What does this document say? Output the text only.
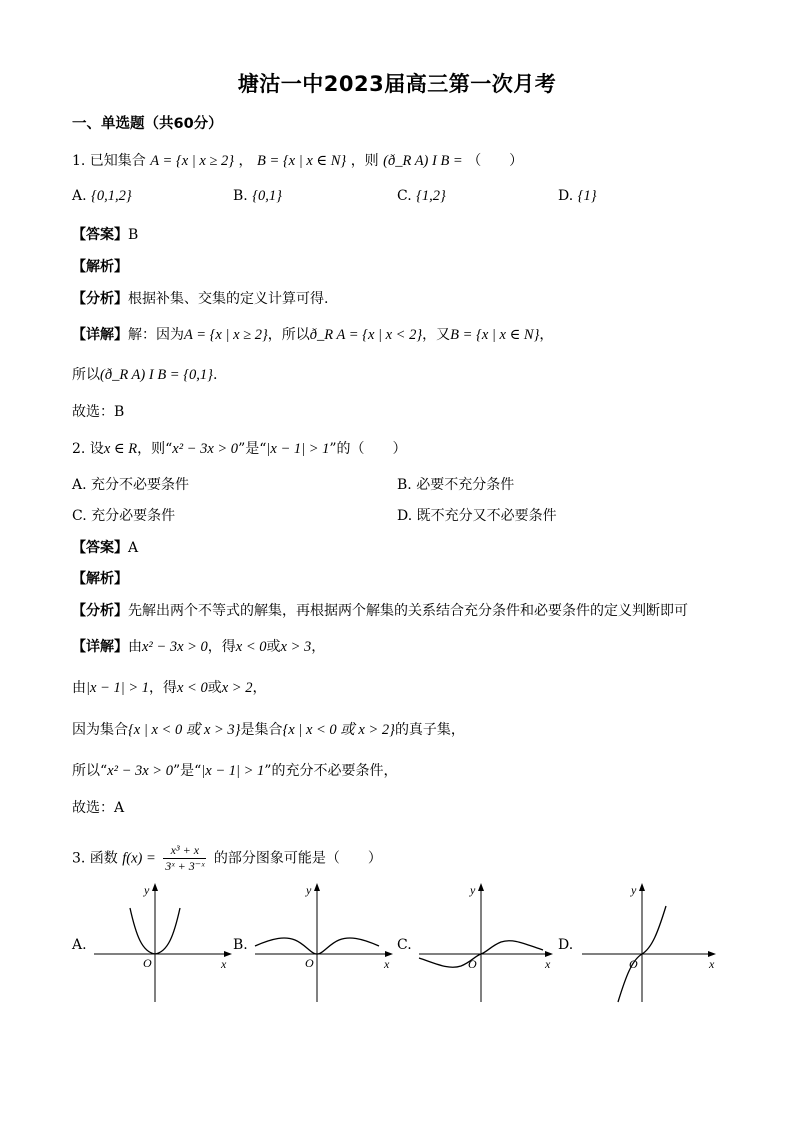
塘沽一中2023届高三第一次月考
一、单选题（共60分）
1. 已知集合 A = {x | x ≥ 2} ， B = {x | x ∈ N} ，则 (ð_R A) I B = （　　）
A. {0,1,2}	B. {0,1}	C. {1,2}	D. {1}
【答案】B
【解析】
【分析】根据补集、交集的定义计算可得.
【详解】解：因为A = {x | x ≥ 2}，所以ð_R A = {x | x < 2}，又B = {x | x ∈ N}，
所以(ð_R A) I B = {0,1}.
故选：B
2. 设x ∈ R，则“x² − 3x > 0”是“|x − 1| > 1”的（　　）
A. 充分不必要条件	B. 必要不充分条件
C. 充分必要条件	D. 既不充分又不必要条件
【答案】A
【解析】
【分析】先解出两个不等式的解集，再根据两个解集的关系结合充分条件和必要条件的定义判断即可
【详解】由x² − 3x > 0，得x < 0或x > 3，
由|x − 1| > 1，得x < 0或x > 2，
因为集合{x | x < 0 或 x > 3}是集合{x | x < 0 或 x > 2}的真子集，
所以“x² − 3x > 0”是“|x − 1| > 1”的充分不必要条件，
故选：A
3. 函数 $f(x) = \frac{\text{x³ + x}}{\text{3ˣ + 3⁻ˣ}}$ 的部分图象可能是（　　）
A.	B.	C.	D.
x
y
O	x
y
O	x
y
O	x
y
O
